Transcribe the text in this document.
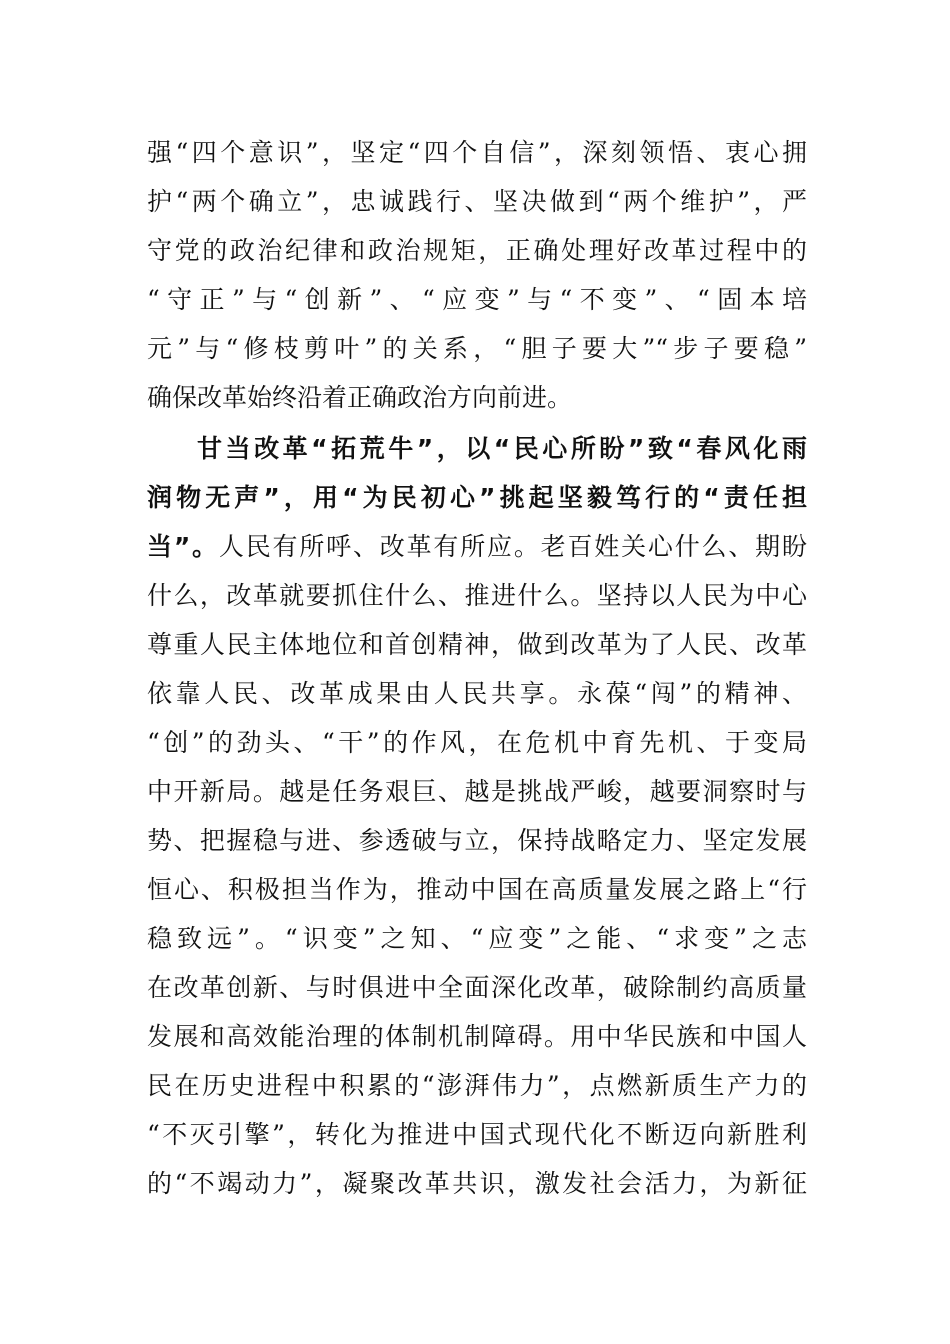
强“四个意识”，坚定“四个自信”，深刻领悟、衷心拥
护“两个确立”，忠诚践行、坚决做到“两个维护”，严
守党的政治纪律和政治规矩，正确处理好改革过程中的
“守正”与“创新”、“应变”与“不变”、“固本培
元”与“修枝剪叶”的关系，“胆子要大”“步子要稳”
确保改革始终沿着正确政治方向前进。
甘当改革“拓荒牛”，以“民心所盼”致“春风化雨
润物无声”，用“为民初心”挑起坚毅笃行的“责任担
当”。人民有所呼、改革有所应。老百姓关心什么、期盼
什么，改革就要抓住什么、推进什么。坚持以人民为中心
尊重人民主体地位和首创精神，做到改革为了人民、改革
依靠人民、改革成果由人民共享。永葆“闯”的精神、
“创”的劲头、“干”的作风，在危机中育先机、于变局
中开新局。越是任务艰巨、越是挑战严峻，越要洞察时与
势、把握稳与进、参透破与立，保持战略定力、坚定发展
恒心、积极担当作为，推动中国在高质量发展之路上“行
稳致远”。“识变”之知、“应变”之能、“求变”之志
在改革创新、与时俱进中全面深化改革，破除制约高质量
发展和高效能治理的体制机制障碍。用中华民族和中国人
民在历史进程中积累的“澎湃伟力”，点燃新质生产力的
“不灭引擎”，转化为推进中国式现代化不断迈向新胜利
的“不竭动力”，凝聚改革共识，激发社会活力，为新征
